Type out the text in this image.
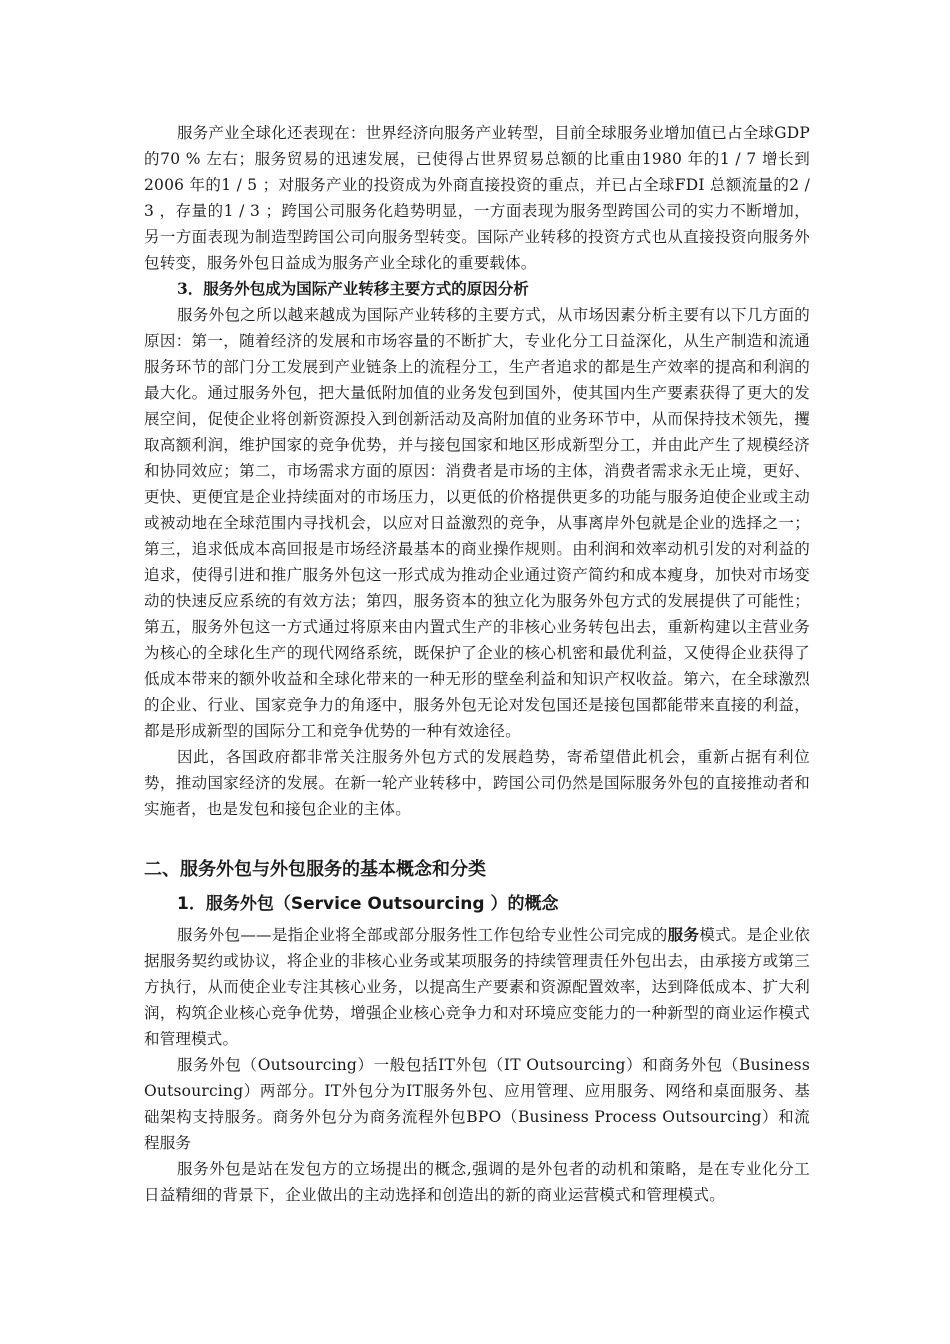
服务产业全球化还表现在：世界经济向服务产业转型，目前全球服务业增加值已占全球GDP 的70 % 左右；服务贸易的迅速发展，已使得占世界贸易总额的比重由1980 年的1 / 7 增长到2006 年的1 / 5 ；对服务产业的投资成为外商直接投资的重点，并已占全球FDI 总额流量的2 / 3 ，存量的1 / 3 ；跨国公司服务化趋势明显，一方面表现为服务型跨国公司的实力不断增加，另一方面表现为制造型跨国公司向服务型转变。国际产业转移的投资方式也从直接投资向服务外包转变，服务外包日益成为服务产业全球化的重要载体。

3．服务外包成为国际产业转移主要方式的原因分析

服务外包之所以越来越成为国际产业转移的主要方式，从市场因素分析主要有以下几方面的原因：第一，随着经济的发展和市场容量的不断扩大，专业化分工日益深化，从生产制造和流通服务环节的部门分工发展到产业链条上的流程分工，生产者追求的都是生产效率的提高和利润的最大化。通过服务外包，把大量低附加值的业务发包到国外，使其国内生产要素获得了更大的发展空间，促使企业将创新资源投入到创新活动及高附加值的业务环节中，从而保持技术领先，攫取高额利润，维护国家的竞争优势，并与接包国家和地区形成新型分工，并由此产生了规模经济和协同效应；第二，市场需求方面的原因：消费者是市场的主体，消费者需求永无止境，更好、更快、更便宜是企业持续面对的市场压力，以更低的价格提供更多的功能与服务迫使企业或主动或被动地在全球范围内寻找机会，以应对日益激烈的竞争，从事离岸外包就是企业的选择之一；第三，追求低成本高回报是市场经济最基本的商业操作规则。由利润和效率动机引发的对利益的追求，使得引进和推广服务外包这一形式成为推动企业通过资产简约和成本瘦身，加快对市场变动的快速反应系统的有效方法；第四，服务资本的独立化为服务外包方式的发展提供了可能性；第五，服务外包这一方式通过将原来由内置式生产的非核心业务转包出去，重新构建以主营业务为核心的全球化生产的现代网络系统，既保护了企业的核心机密和最优利益，又使得企业获得了低成本带来的额外收益和全球化带来的一种无形的壁垒利益和知识产权收益。第六，在全球激烈的企业、行业、国家竞争力的角逐中，服务外包无论对发包国还是接包国都能带来直接的利益，都是形成新型的国际分工和竞争优势的一种有效途径。

因此，各国政府都非常关注服务外包方式的发展趋势，寄希望借此机会，重新占据有利位势，推动国家经济的发展。在新一轮产业转移中，跨国公司仍然是国际服务外包的直接推动者和实施者，也是发包和接包企业的主体。

二、服务外包与外包服务的基本概念和分类
1．服务外包（Service Outsourcing ）的概念

服务外包——是指企业将全部或部分服务性工作包给专业性公司完成的服务模式。是企业依据服务契约或协议，将企业的非核心业务或某项服务的持续管理责任外包出去，由承接方或第三方执行，从而使企业专注其核心业务，以提高生产要素和资源配置效率，达到降低成本、扩大利润，构筑企业核心竞争优势，增强企业核心竞争力和对环境应变能力的一种新型的商业运作模式和管理模式。

服务外包（Outsourcing）一般包括IT外包（IT Outsourcing）和商务外包（Business Outsourcing）两部分。IT外包分为IT服务外包、应用管理、应用服务、网络和桌面服务、基础架构支持服务。商务外包分为商务流程外包BPO（Business Process Outsourcing）和流程服务

服务外包是站在发包方的立场提出的概念,强调的是外包者的动机和策略，是在专业化分工日益精细的背景下，企业做出的主动选择和创造出的新的商业运营模式和管理模式。
